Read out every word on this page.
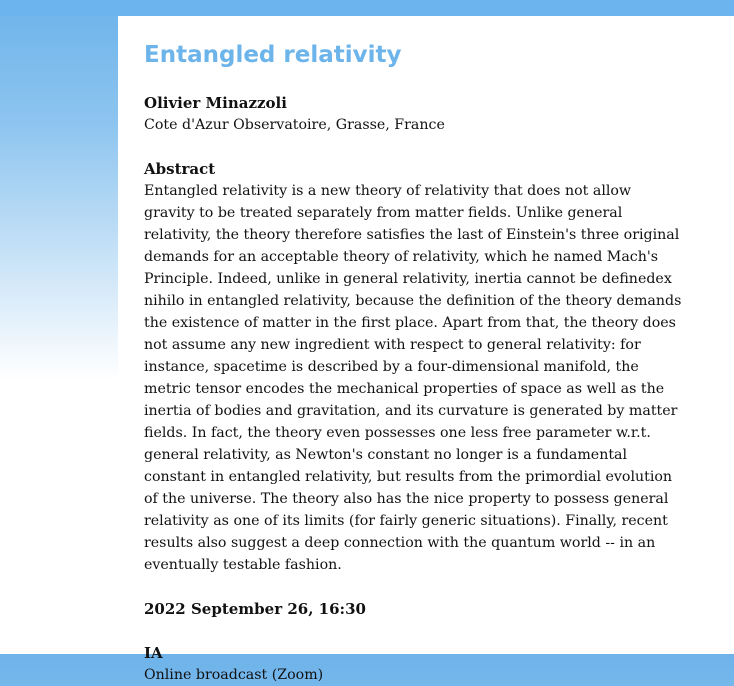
Entangled relativity
Olivier Minazzoli
Cote d'Azur Observatoire, Grasse, France
Abstract
Entangled relativity is a new theory of relativity that does not allow gravity to be treated separately from matter fields. Unlike general relativity, the theory therefore satisfies the last of Einstein's three original demands for an acceptable theory of relativity, which he named Mach's Principle. Indeed, unlike in general relativity, inertia cannot be definedex nihilo in entangled relativity, because the definition of the theory demands the existence of matter in the first place. Apart from that, the theory does not assume any new ingredient with respect to general relativity: for instance, spacetime is described by a four-dimensional manifold, the metric tensor encodes the mechanical properties of space as well as the inertia of bodies and gravitation, and its curvature is generated by matter fields. In fact, the theory even possesses one less free parameter w.r.t. general relativity, as Newton's constant no longer is a fundamental constant in entangled relativity, but results from the primordial evolution of the universe. The theory also has the nice property to possess general relativity as one of its limits (for fairly generic situations). Finally, recent results also suggest a deep connection with the quantum world -- in an eventually testable fashion.
2022 September 26, 16:30
IA
Online broadcast (Zoom)
